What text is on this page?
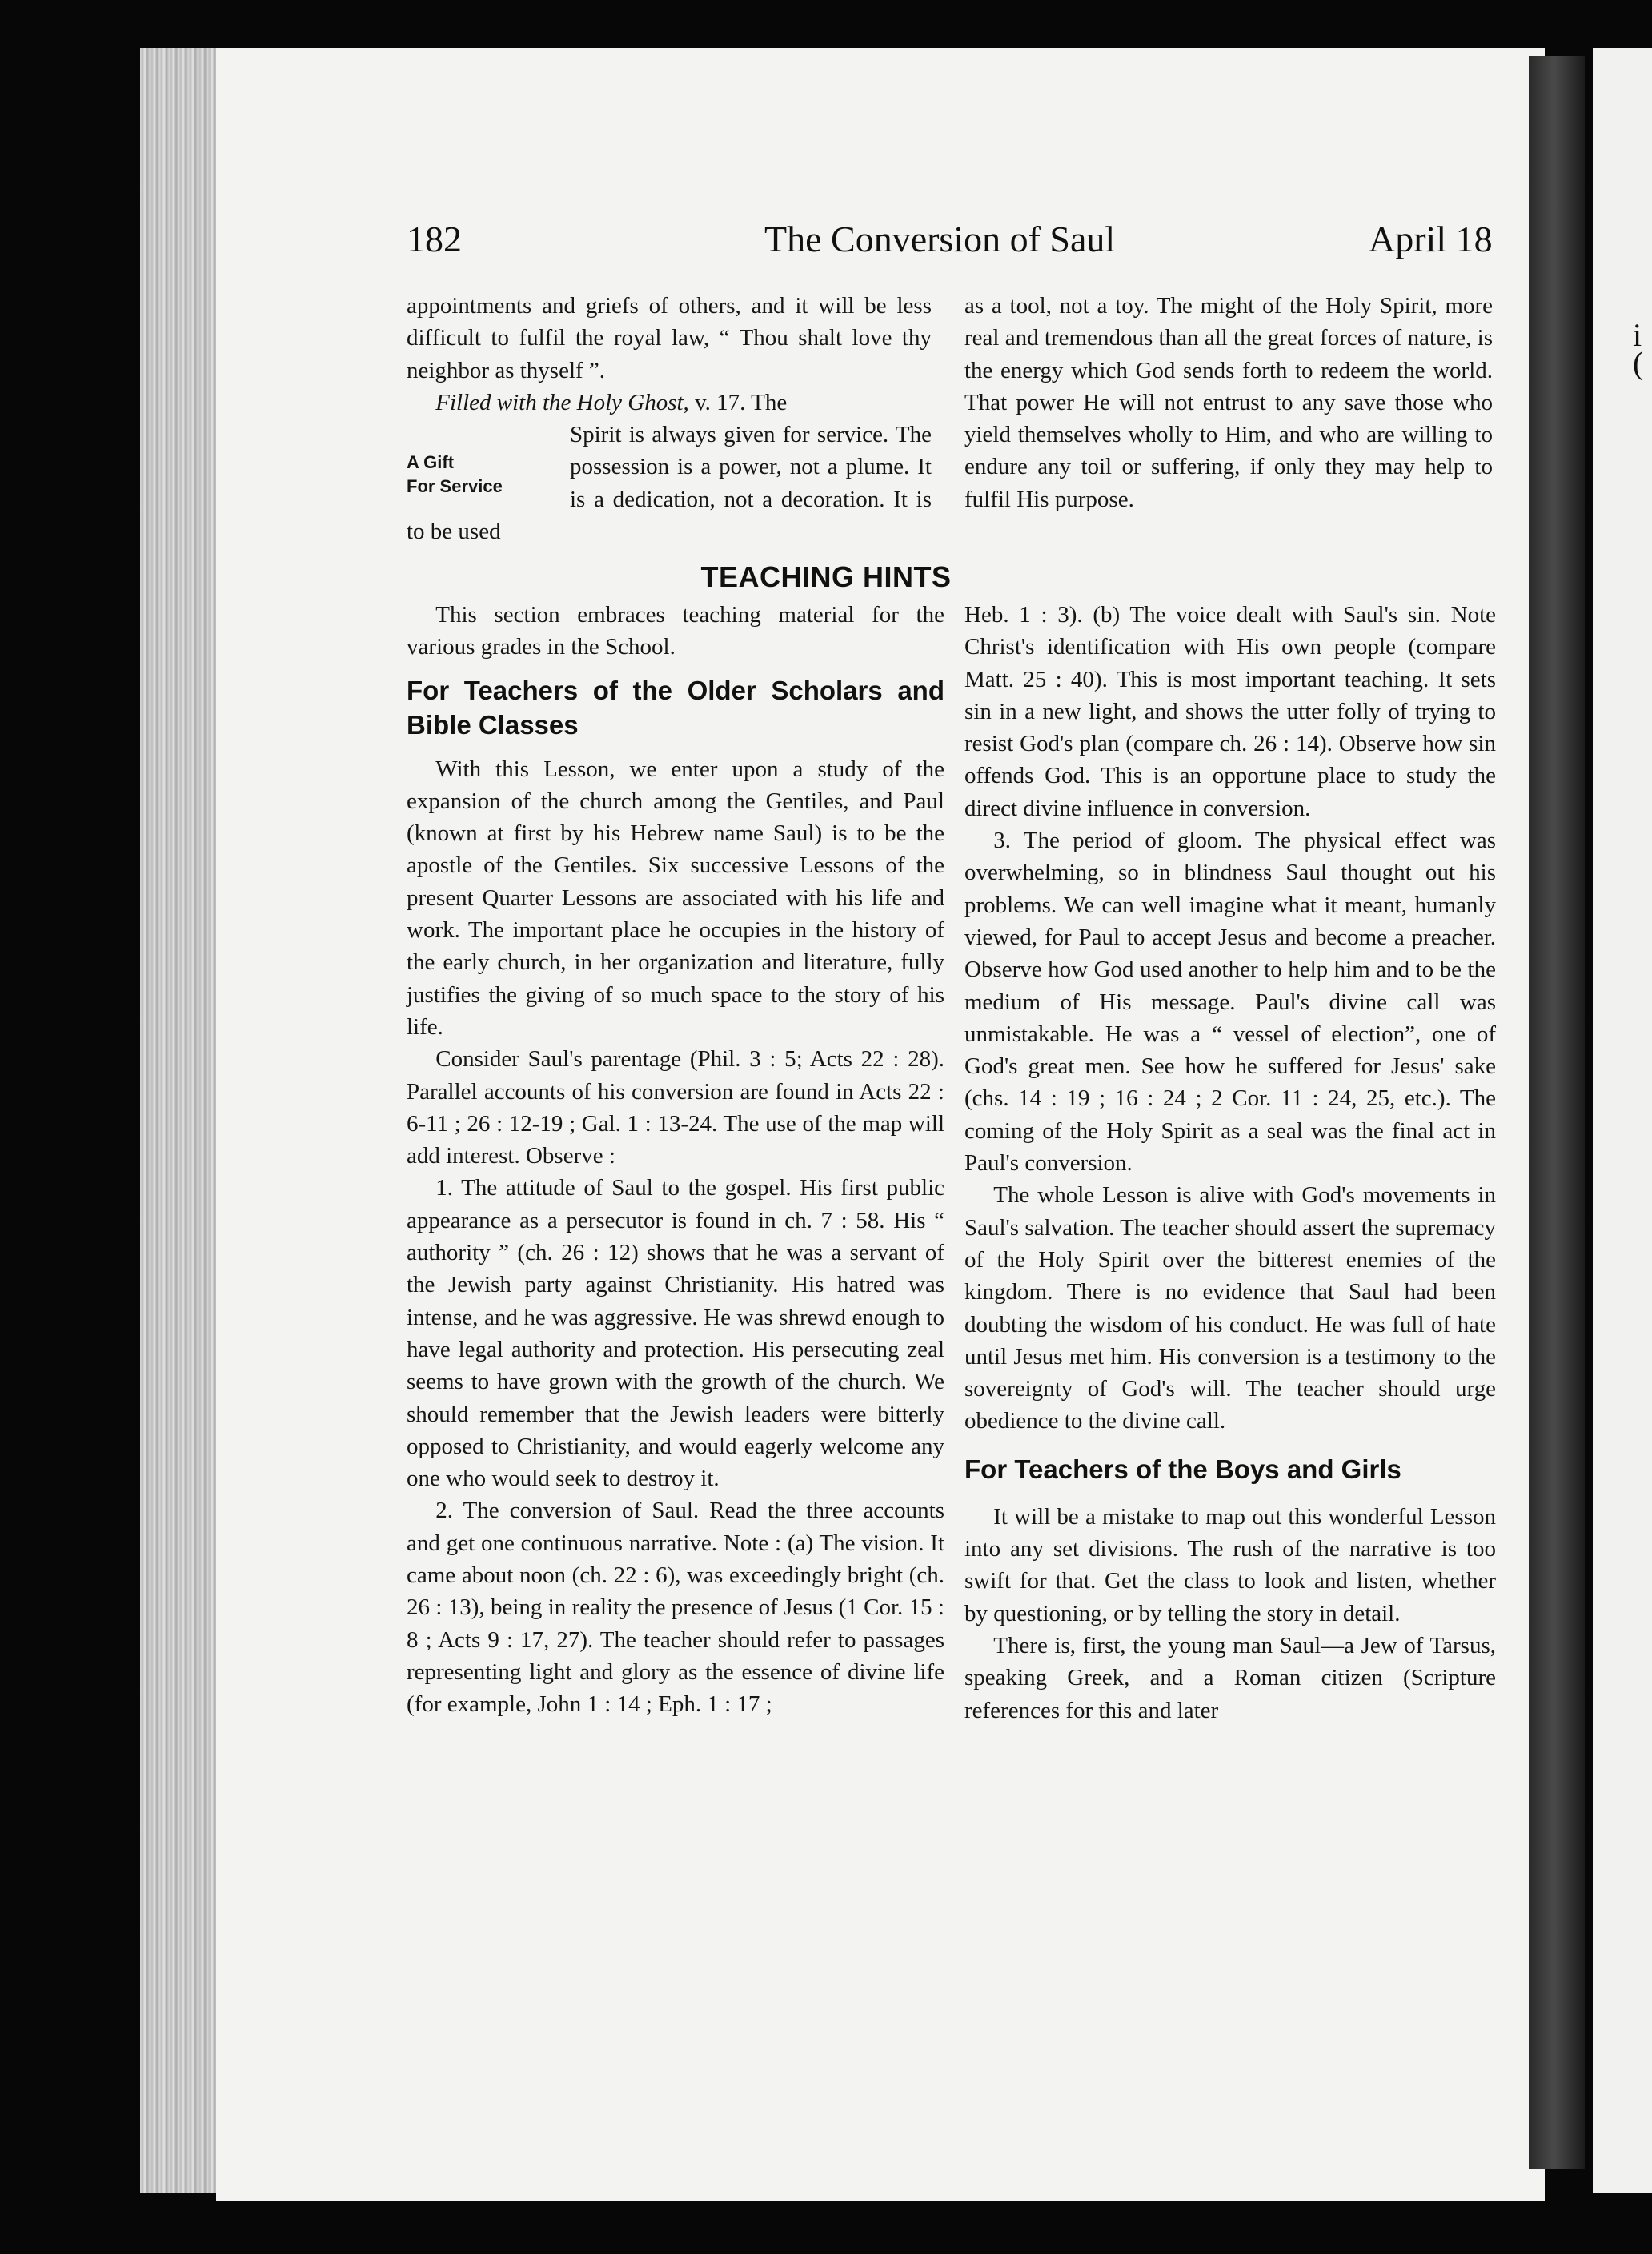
i
(
182	The Conversion of Saul	April 18

appointments and griefs of others, and it will be less difficult to fulfil the royal law, “ Thou shalt love thy neighbor as thyself ”.

Filled with the Holy Ghost, v. 17. The

A Gift
For Service
Spirit is always given for service. The possession is a power, not a plume. It is a dedication, not a decoration. It is to be used

as a tool, not a toy. The might of the Holy Spirit, more real and tremendous than all the great forces of nature, is the energy which God sends forth to redeem the world. That power He will not entrust to any save those who yield themselves wholly to Him, and who are willing to endure any toil or suffering, if only they may help to fulfil His purpose.

TEACHING HINTS

This section embraces teaching material for the various grades in the School.

For Teachers of the Older Scholars and Bible Classes

With this Lesson, we enter upon a study of the expansion of the church among the Gentiles, and Paul (known at first by his Hebrew name Saul) is to be the apostle of the Gentiles. Six successive Lessons of the present Quarter Lessons are associated with his life and work. The important place he occupies in the history of the early church, in her organization and literature, fully justifies the giving of so much space to the story of his life.

Consider Saul's parentage (Phil. 3 : 5; Acts 22 : 28). Parallel accounts of his conversion are found in Acts 22 : 6-11 ; 26 : 12-19 ; Gal. 1 : 13-24. The use of the map will add interest. Observe :

1. The attitude of Saul to the gospel. His first public appearance as a persecutor is found in ch. 7 : 58. His “ authority ” (ch. 26 : 12) shows that he was a servant of the Jewish party against Christianity. His hatred was intense, and he was aggressive. He was shrewd enough to have legal authority and protection. His persecuting zeal seems to have grown with the growth of the church. We should remember that the Jewish leaders were bitterly opposed to Christianity, and would eagerly welcome any one who would seek to destroy it.

2. The conversion of Saul. Read the three accounts and get one continuous narrative. Note : (a) The vision. It came about noon (ch. 22 : 6), was exceedingly bright (ch. 26 : 13), being in reality the presence of Jesus (1 Cor. 15 : 8 ; Acts 9 : 17, 27). The teacher should refer to passages representing light and glory as the essence of divine life (for example, John 1 : 14 ; Eph. 1 : 17 ;

Heb. 1 : 3). (b) The voice dealt with Saul's sin. Note Christ's identification with His own people (compare Matt. 25 : 40). This is most important teaching. It sets sin in a new light, and shows the utter folly of trying to resist God's plan (compare ch. 26 : 14). Observe how sin offends God. This is an opportune place to study the direct divine influence in conversion.

3. The period of gloom. The physical effect was overwhelming, so in blindness Saul thought out his problems. We can well imagine what it meant, humanly viewed, for Paul to accept Jesus and become a preacher. Observe how God used another to help him and to be the medium of His message. Paul's divine call was unmistakable. He was a “ vessel of election”, one of God's great men. See how he suffered for Jesus' sake (chs. 14 : 19 ; 16 : 24 ; 2 Cor. 11 : 24, 25, etc.). The coming of the Holy Spirit as a seal was the final act in Paul's conversion.

The whole Lesson is alive with God's movements in Saul's salvation. The teacher should assert the supremacy of the Holy Spirit over the bitterest enemies of the kingdom. There is no evidence that Saul had been doubting the wisdom of his conduct. He was full of hate until Jesus met him. His conversion is a testimony to the sovereignty of God's will. The teacher should urge obedience to the divine call.

For Teachers of the Boys and Girls

It will be a mistake to map out this wonderful Lesson into any set divisions. The rush of the narrative is too swift for that. Get the class to look and listen, whether by questioning, or by telling the story in detail.

There is, first, the young man Saul—a Jew of Tarsus, speaking Greek, and a Roman citizen (Scripture references for this and later
